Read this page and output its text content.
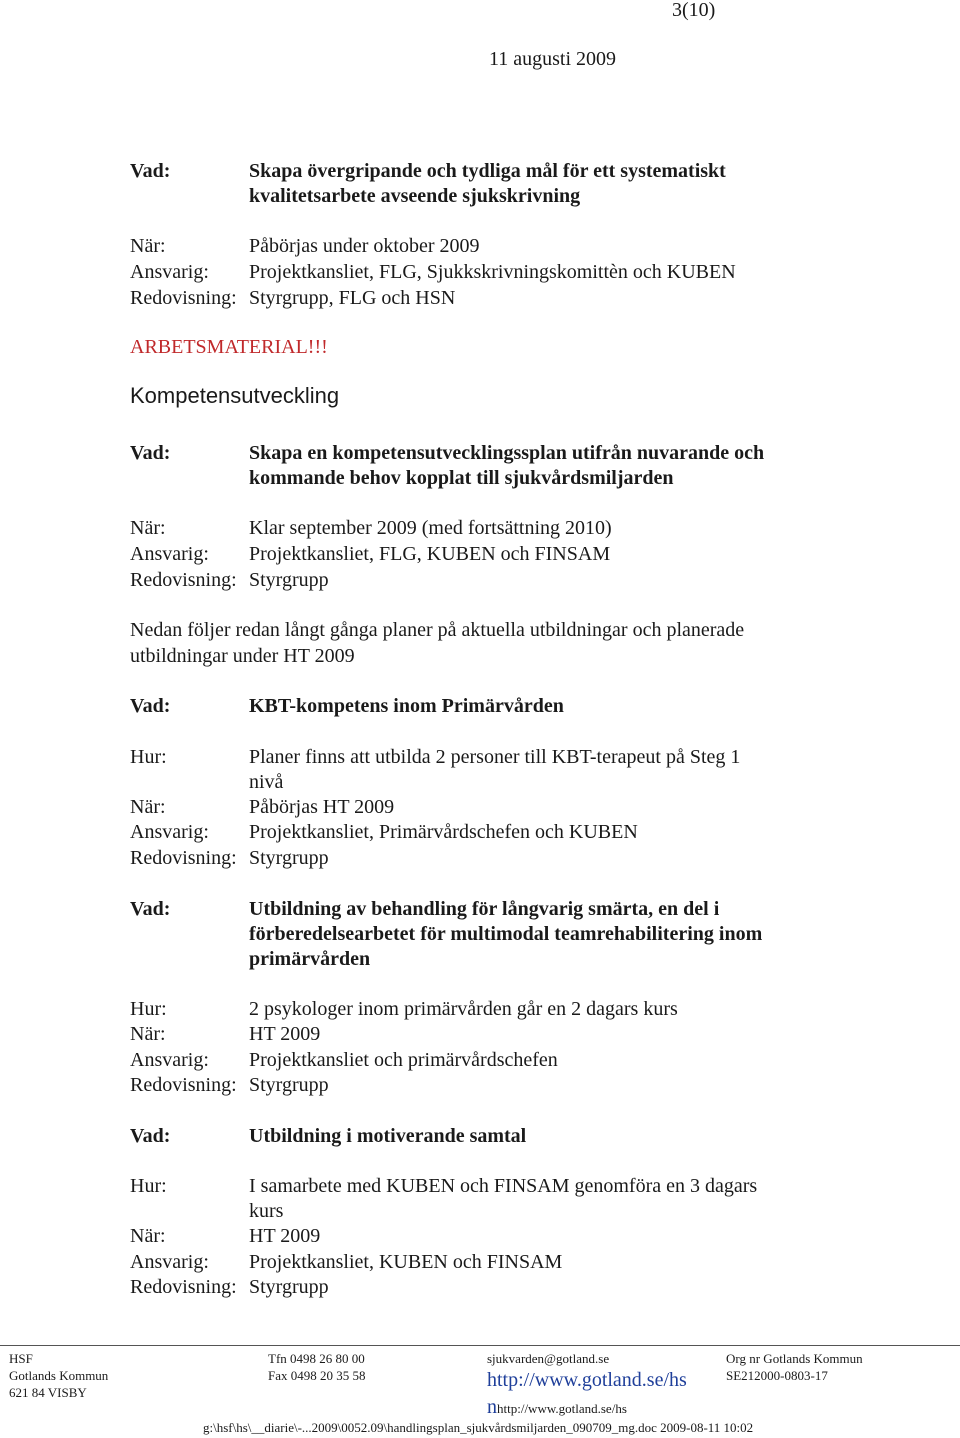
3(10)
11 augusti 2009
Vad:	Skapa övergripande och tydliga mål för ett systematiskt
kvalitetsarbete avseende sjukskrivning
När:	Påbörjas under oktober 2009
Ansvarig: Projektkansliet, FLG, Sjukkskrivningskomittèn och KUBEN
Redovisning: Styrgrupp, FLG och HSN
ARBETSMATERIAL!!!
Kompetensutveckling
Vad:	Skapa en kompetensutvecklingssplan utifrån nuvarande och
kommande behov kopplat till sjukvårdsmiljarden
När:	Klar september 2009 (med fortsättning 2010)
Ansvarig: Projektkansliet, FLG, KUBEN och FINSAM
Redovisning: Styrgrupp
Nedan följer redan långt gånga planer på aktuella utbildningar och planerade
utbildningar under HT 2009
Vad:	KBT-kompetens inom Primärvården
Hur:	Planer finns att utbilda 2 personer till KBT-terapeut på Steg 1
nivå
När:	Påbörjas HT 2009
Ansvarig: Projektkansliet, Primärvårdschefen och KUBEN
Redovisning: Styrgrupp
Vad:	Utbildning av behandling för långvarig smärta, en del i
förberedelsearbetet för multimodal teamrehabilitering inom
primärvården
Hur:	2 psykologer inom primärvården går en 2 dagars kurs
När:	HT 2009
Ansvarig: Projektkansliet och primärvårdschefen
Redovisning: Styrgrupp
Vad:	Utbildning i motiverande samtal
Hur:	I samarbete med KUBEN och FINSAM genomföra en 3 dagars
kurs
När:	HT 2009
Ansvarig: Projektkansliet, KUBEN och FINSAM
Redovisning: Styrgrupp
HSF
Gotlands Kommun
621 84 VISBY
Tfn 0498 26 80 00
Fax 0498 20 35 58
sjukvarden@gotland.se
http://www.gotland.se/hs
nhttp://www.gotland.se/hs
Org nr Gotlands Kommun
SE212000-0803-17
g:\hsf\hs\__diarie\-...2009\0052.09\handlingsplan_sjukvårdsmiljarden_090709_mg.doc 2009-08-11 10:02
